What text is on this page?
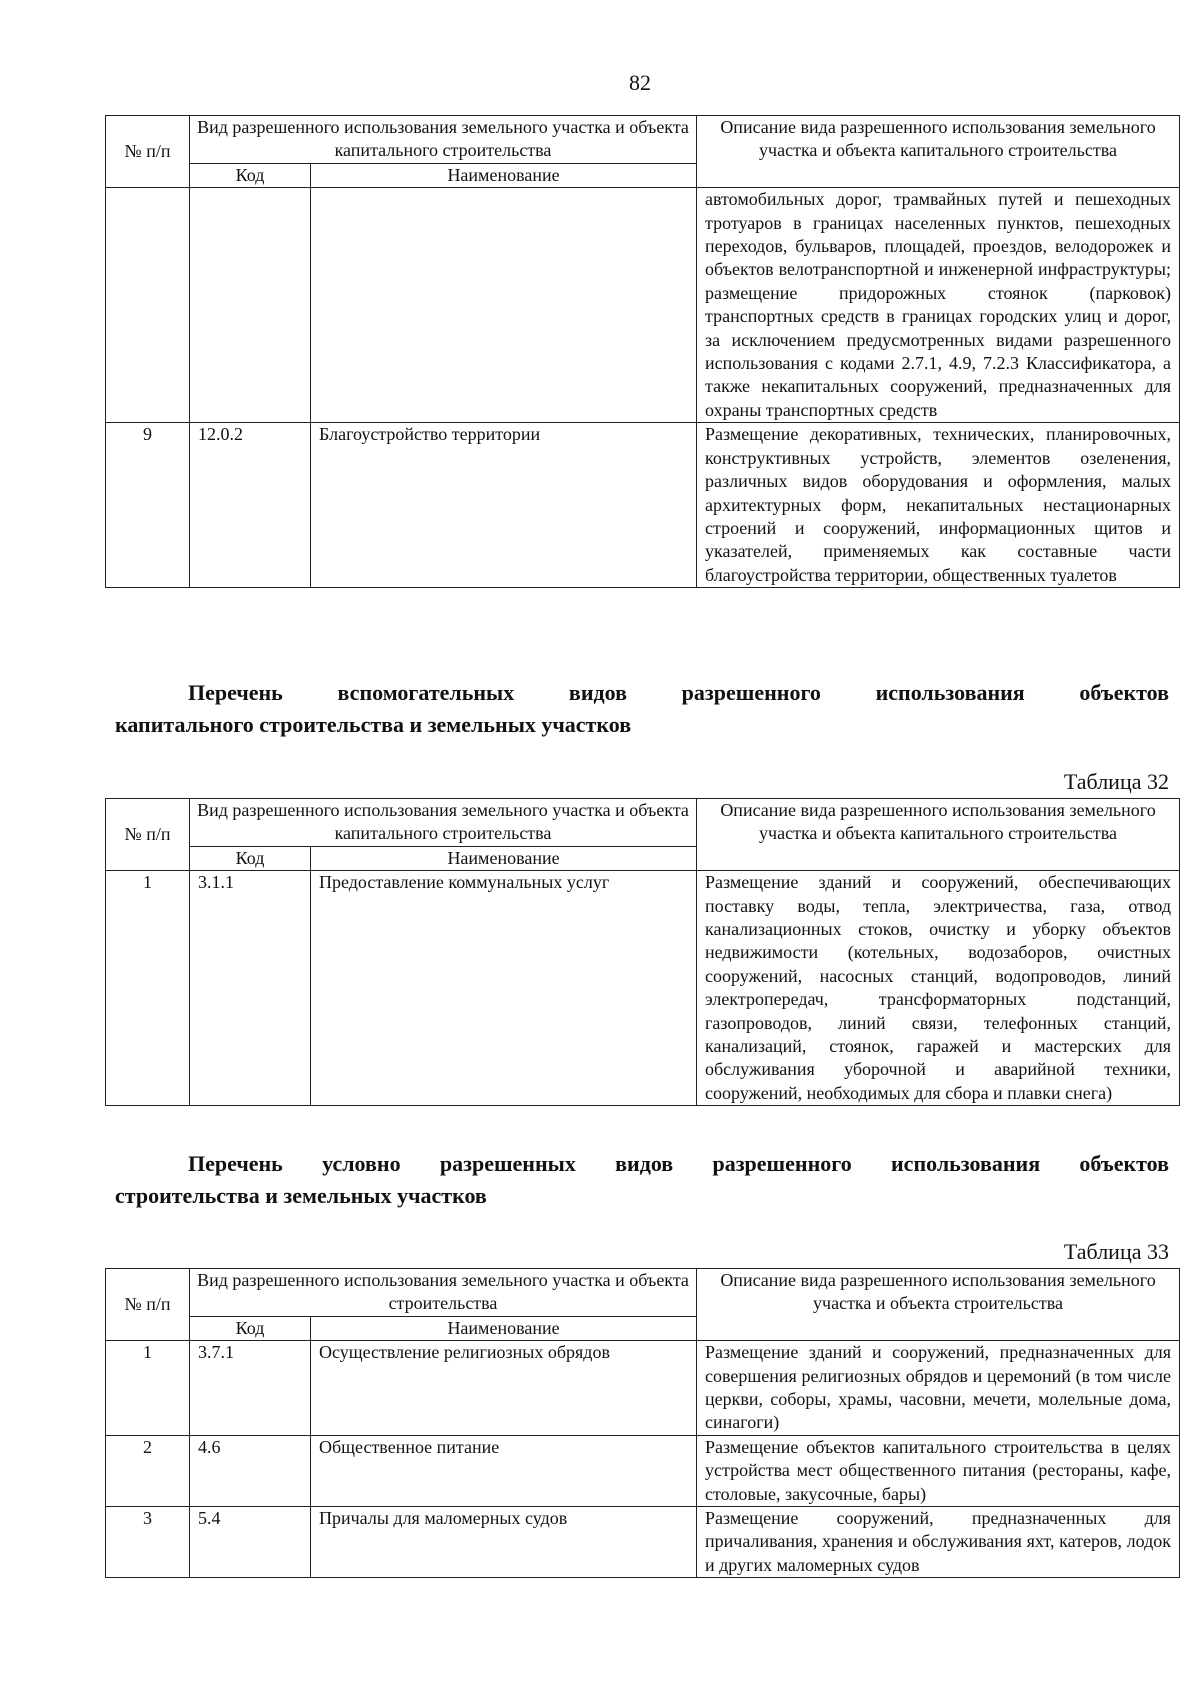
82
№ п/п	Вид разрешенного использования земельного участка и объекта капитального строительства		Описание вида разрешенного использования земельного участка и объекта капитального строительства
	Код	Наименование	
			автомобильных дорог, трамвайных путей и пешеходных тротуаров в границах населенных пунктов, пешеходных переходов, бульваров, площадей, проездов, велодорожек и объектов велотранспортной и инженерной инфраструктуры; размещение придорожных стоянок (парковок) транспортных средств в границах городских улиц и дорог, за исключением предусмотренных видами разрешенного использования с кодами 2.7.1, 4.9, 7.2.3 Классификатора, а также некапитальных сооружений, предназначенных для охраны транспортных средств
9	12.0.2	Благоустройство территории	Размещение декоративных, технических, планировочных, конструктивных устройств, элементов озеленения, различных видов оборудования и оформления, малых архитектурных форм, некапитальных нестационарных строений и сооружений, информационных щитов и указателей, применяемых как составные части благоустройства территории, общественных туалетов
Перечень вспомогательных видов разрешенного использования объектов
капитального строительства и земельных участков
Таблица 32
№ п/п	Вид разрешенного использования земельного участка и объекта капитального строительства		Описание вида разрешенного использования земельного участка и объекта капитального строительства
	Код	Наименование	
1	3.1.1	Предоставление коммунальных услуг	Размещение зданий и сооружений, обеспечивающих поставку воды, тепла, электричества, газа, отвод канализационных стоков, очистку и уборку объектов недвижимости (котельных, водозаборов, очистных сооружений, насосных станций, водопроводов, линий электропередач, трансформаторных подстанций, газопроводов, линий связи, телефонных станций, канализаций, стоянок, гаражей и мастерских для обслуживания уборочной и аварийной техники, сооружений, необходимых для сбора и плавки снега)
Перечень условно разрешенных видов разрешенного использования объектов
строительства и земельных участков
Таблица 33
№ п/п	Вид разрешенного использования земельного участка и объекта строительства		Описание вида разрешенного использования земельного участка и объекта строительства
	Код	Наименование	
1	3.7.1	Осуществление религиозных обрядов	Размещение зданий и сооружений, предназначенных для совершения религиозных обрядов и церемоний (в том числе церкви, соборы, храмы, часовни, мечети, молельные дома, синагоги)
2	4.6	Общественное питание	Размещение объектов капитального строительства в целях устройства мест общественного питания (рестораны, кафе, столовые, закусочные, бары)
3	5.4	Причалы для маломерных судов	Размещение сооружений, предназначенных для причаливания, хранения и обслуживания яхт, катеров, лодок и других маломерных судов
